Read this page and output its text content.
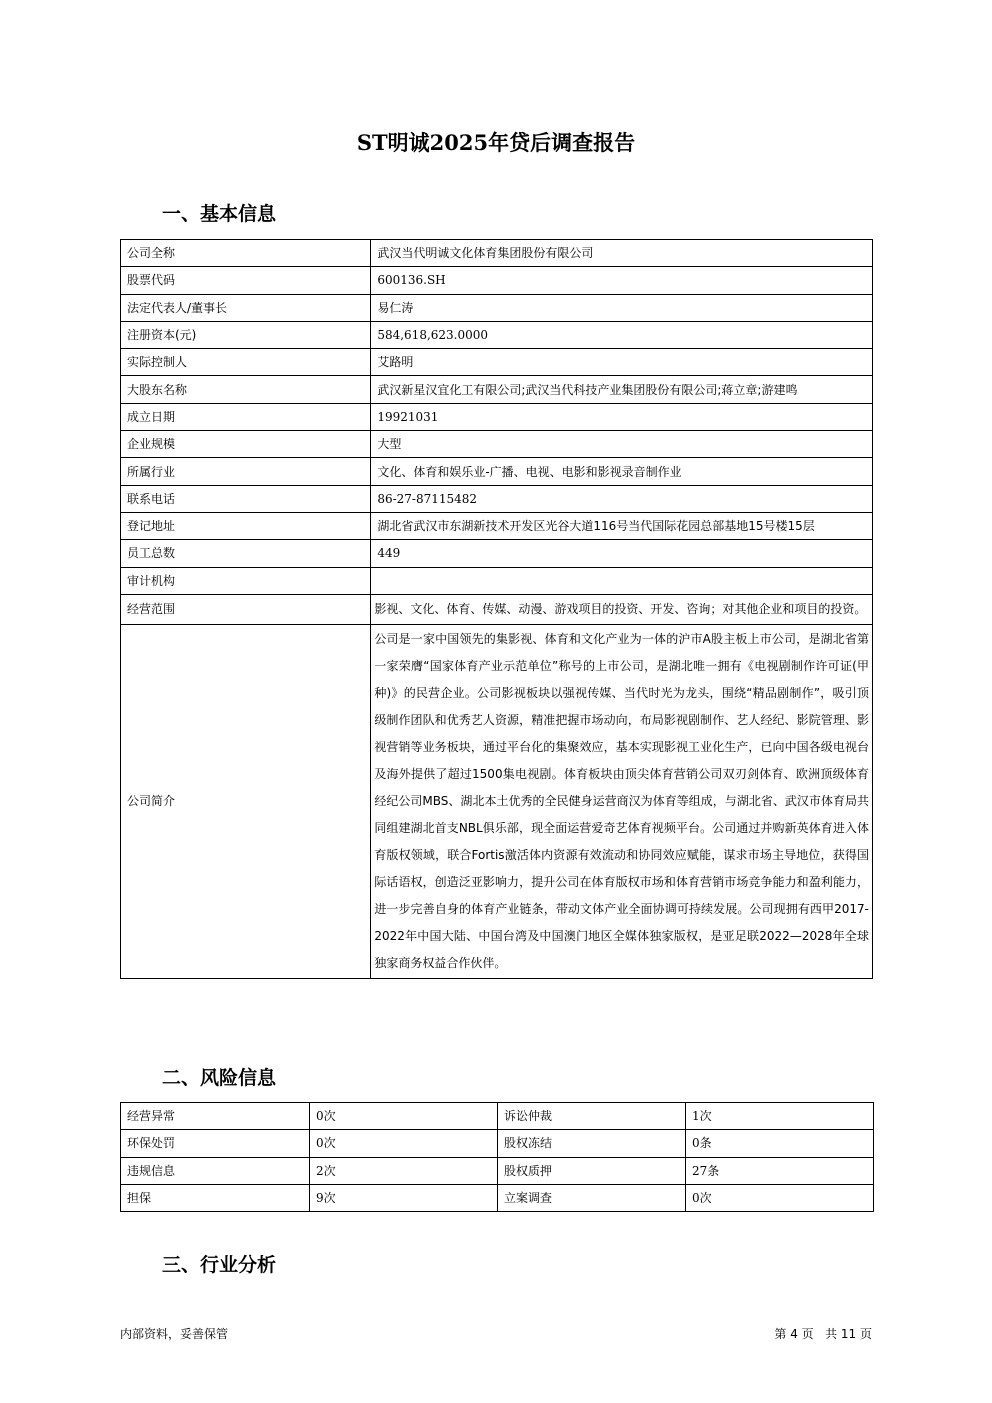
ST明诚2025年贷后调查报告
一、基本信息
公司全称	武汉当代明诚文化体育集团股份有限公司
股票代码	600136.SH
法定代表人/董事长	易仁涛
注册资本(元)	584,618,623.0000
实际控制人	艾路明
大股东名称	武汉新星汉宜化工有限公司;武汉当代科技产业集团股份有限公司;蒋立章;游建鸣
成立日期	19921031
企业规模	大型
所属行业	文化、体育和娱乐业-广播、电视、电影和影视录音制作业
联系电话	86-27-87115482
登记地址	湖北省武汉市东湖新技术开发区光谷大道116号当代国际花园总部基地15号楼15层
员工总数	449
审计机构	
经营范围	影视、文化、体育、传媒、动漫、游戏项目的投资、开发、咨询；对其他企业和项目的投资。
公司简介	公司是一家中国领先的集影视、体育和文化产业为一体的沪市A股主板上市公司，是湖北省第一家荣膺“国家体育产业示范单位”称号的上市公司，是湖北唯一拥有《电视剧制作许可证(甲种)》的民营企业。公司影视板块以强视传媒、当代时光为龙头，围绕“精品剧制作”，吸引顶级制作团队和优秀艺人资源，精准把握市场动向，布局影视剧制作、艺人经纪、影院管理、影视营销等业务板块，通过平台化的集聚效应，基本实现影视工业化生产，已向中国各级电视台及海外提供了超过1500集电视剧。体育板块由顶尖体育营销公司双刃剑体育、欧洲顶级体育经纪公司MBS、湖北本土优秀的全民健身运营商汉为体育等组成，与湖北省、武汉市体育局共同组建湖北首支NBL俱乐部，现全面运营爱奇艺体育视频平台。公司通过并购新英体育进入体育版权领域，联合Fortis激活体内资源有效流动和协同效应赋能，谋求市场主导地位，获得国际话语权，创造泛亚影响力，提升公司在体育版权市场和体育营销市场竞争能力和盈利能力，进一步完善自身的体育产业链条，带动文体产业全面协调可持续发展。公司现拥有西甲2017-2022年中国大陆、中国台湾及中国澳门地区全媒体独家版权，是亚足联2022—2028年全球独家商务权益合作伙伴。
二、风险信息
经营异常	0次	诉讼仲裁	1次
环保处罚	0次	股权冻结	0条
违规信息	2次	股权质押	27条
担保	9次	立案调查	0次
三、行业分析
内部资料，妥善保管	第 4 页   共 11 页
